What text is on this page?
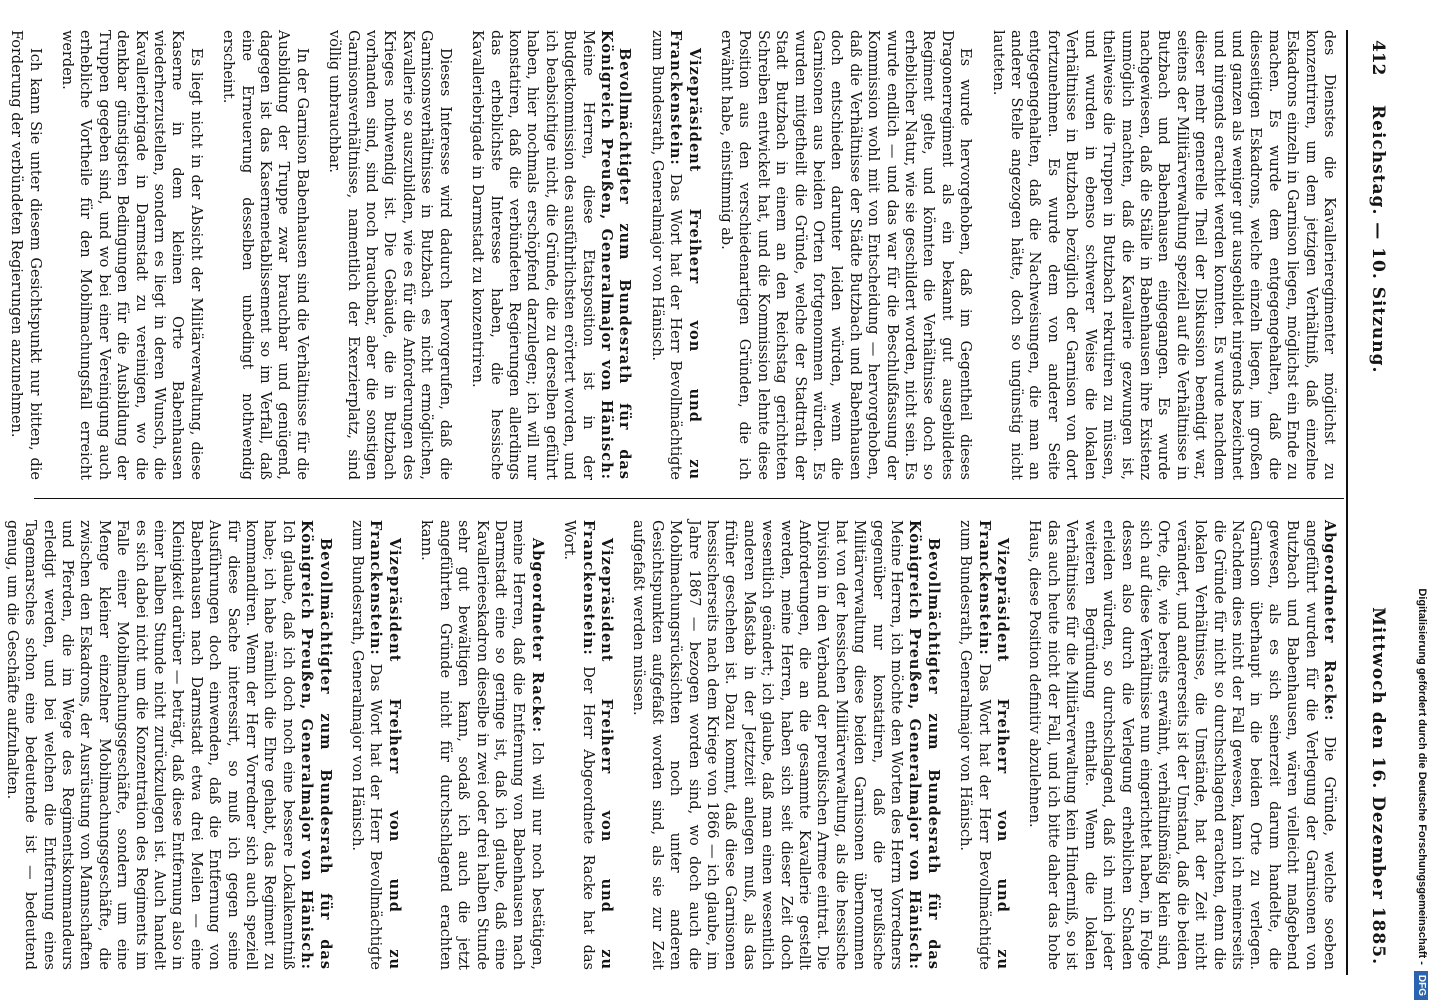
412
Reichstag. — 10. Sitzung.
Mittwoch den 16. Dezember 1885.

des Dienstes die Kavallerieregimenter möglichst zu konzentriren, um dem jetzigen Verhältniß, daß einzelne Eskadrons einzeln in Garnison liegen, möglichst ein Ende zu machen. Es wurde dem entgegengehalten, daß die diesseitigen Eskadrons, welche einzeln liegen, im großen und ganzen als weniger gut ausgebildet nirgends bezeichnet und nirgends erachtet werden konnten. Es wurde nachdem dieser mehr generelle Theil der Diskussion beendigt war, seitens der Militärverwaltung speziell auf die Verhältnisse in Butzbach und Babenhausen eingegangen. Es wurde nachgewiesen, daß die Ställe in Babenhausen ihre Existenz unmöglich machten, daß die Kavallerie gezwungen ist, theilweise die Truppen in Butzbach rekrutiren zu müssen, und wurden in ebenso schwerer Weise die lokalen Verhältnisse in Butzbach bezüglich der Garnison von dort fortzunehmen. Es wurde dem von anderer Seite entgegengehalten, daß die Nachweisungen, die man an anderer Stelle angezogen hätte, doch so ungünstig nicht lauteten.

Es wurde hervorgehoben, daß im Gegentheil dieses Dragonerregiment als ein bekannt gut ausgebildetes Regiment gelte, und könnten die Verhältnisse doch so erheblicher Natur, wie sie geschildert worden, nicht sein. Es wurde endlich — und das war für die Beschlußfassung der Kommission wohl mit von Entscheidung — hervorgehoben, daß die Verhältnisse der Städte Butzbach und Babenhausen doch entschieden darunter leiden würden, wenn die Garnisonen aus beiden Orten fortgenommen würden. Es wurden mitgetheilt die Gründe, welche der Stadtrath der Stadt Butzbach in einem an den Reichstag gerichteten Schreiben entwickelt hat, und die Kommission lehnte diese Position aus den verschiedenartigen Gründen, die ich erwähnt habe, einstimmig ab.

Vizepräsident Freiherr von und zu Franckenstein: Das Wort hat der Herr Bevollmächtigte zum Bundesrath, Generalmajor von Hänisch.

Bevollmächtigter zum Bundesrath für das Königreich Preußen, Generalmajor von Hänisch: Meine Herren, diese Etatsposition ist in der Budgetkommission des ausführlichsten erörtert worden, und ich beabsichtige nicht, die Gründe, die zu derselben geführt haben, hier nochmals erschöpfend darzulegen; ich will nur konstatiren, daß die verbündeten Regierungen allerdings das erheblichste Interesse haben, die hessische Kavalleriebrigade in Darmstadt zu konzentriren.

Dieses Interesse wird dadurch hervorgerufen, daß die Garnisonsverhältnisse in Butzbach es nicht ermöglichen, Kavallerie so auszubilden, wie es für die Anforderungen des Krieges nothwendig ist. Die Gebäude, die in Butzbach vorhanden sind, sind noch brauchbar, aber die sonstigen Garnisonsverhältnisse, namentlich der Exerzierplatz, sind völlig unbrauchbar.

In der Garnison Babenhausen sind die Verhältnisse für die Ausbildung der Truppe zwar brauchbar und genügend, dagegen ist das Kasernenetablissement so im Verfall, daß eine Erneuerung desselben unbedingt nothwendig erscheint.

Es liegt nicht in der Absicht der Militärverwaltung, diese Kaserne in dem kleinen Orte Babenhausen wiederherzustellen, sondern es liegt in deren Wunsch, die Kavalleriebrigade in Darmstadt zu vereinigen, wo die denkbar günstigsten Bedingungen für die Ausbildung der Truppen gegeben sind, und wo bei einer Vereinigung auch erhebliche Vortheile für den Mobilmachungsfall erreicht werden.

Ich kann Sie unter diesem Gesichtspunkt nur bitten, die Forderung der verbündeten Regierungen anzunehmen.

Abgeordneter Racke: Die Gründe, welche soeben angeführt wurden für die Verlegung der Garnisonen von Butzbach und Babenhausen, wären vielleicht maßgebend gewesen, als es sich seinerzeit darum handelte, die Garnison überhaupt in die beiden Orte zu verlegen. Nachdem dies nicht der Fall gewesen, kann ich meinerseits die Gründe für nicht so durchschlagend erachten, denn die lokalen Verhältnisse, die Umstände, hat der Zeit nicht verändert, und andererseits ist der Umstand, daß die beiden Orte, die, wie bereits erwähnt, verhältnißmäßig klein sind, sich auf diese Verhältnisse nun eingerichtet haben, in Folge dessen also durch die Verlegung erheblichen Schaden erleiden würden, so durchschlagend, daß ich mich jeder weiteren Begründung enthalte. Wenn die lokalen Verhältnisse für die Militärverwaltung kein Hinderniß, so ist das auch heute nicht der Fall, und ich bitte daher das hohe Haus, diese Position definitiv abzulehnen.

Vizepräsident Freiherr von und zu Franckenstein: Das Wort hat der Herr Bevollmächtigte zum Bundesrath, Generalmajor von Hänisch.

Bevollmächtigter zum Bundesrath für das Königreich Preußen, Generalmajor von Hänisch: Meine Herren, ich möchte den Worten des Herrn Vorredners gegenüber nur konstatiren, daß die preußische Militärverwaltung diese beiden Garnisonen übernommen hat von der hessischen Militärverwaltung, als die hessische Division in den Verband der preußischen Armee eintrat. Die Anforderungen, die an die gesammte Kavallerie gestellt werden, meine Herren, haben sich seit dieser Zeit doch wesentlich geändert; ich glaube, daß man einen wesentlich anderen Maßstab in der Jetztzeit anlegen muß, als das früher geschehen ist. Dazu kommt, daß diese Garnisonen hessischerseits nach dem Kriege von 1866 — ich glaube, im Jahre 1867 — bezogen worden sind, wo doch auch die Mobilmachungsrücksichten noch unter anderen Gesichtspunkten aufgefaßt worden sind, als sie zur Zeit aufgefaßt werden müssen.

Vizepräsident Freiherr von und zu Franckenstein: Der Herr Abgeordnete Racke hat das Wort.

Abgeordneter Racke: Ich will nur noch bestätigen, meine Herren, daß die Entfernung von Babenhausen nach Darmstadt eine so geringe ist, daß ich glaube, daß eine Kavallerieeskadron dieselbe in zwei oder drei halben Stunde sehr gut bewältigen kann, sodaß ich auch die jetzt angeführten Gründe nicht für durchschlagend erachten kann.

Vizepräsident Freiherr von und zu Franckenstein: Das Wort hat der Herr Bevollmächtigte zum Bundesrath, Generalmajor von Hänisch.

Bevollmächtigter zum Bundesrath für das Königreich Preußen, Generalmajor von Hänisch: Ich glaube, daß ich doch noch eine bessere Lokalkenntniß habe; ich habe nämlich die Ehre gehabt, das Regiment zu kommandiren. Wenn der Herr Vorredner sich auch speziell für diese Sache interessirt, so muß ich gegen seine Ausführungen doch einwenden, daß die Entfernung von Babenhausen nach Darmstadt etwa drei Meilen — eine Kleinigkeit darüber — beträgt, daß diese Entfernung also in einer halben Stunde nicht zurückzulegen ist. Auch handelt es sich dabei nicht um die Konzentration des Regiments im Falle einer Mobilmachungsgeschäfte, sondern um eine Menge kleiner einzelner Mobilmachungsgeschäfte, die zwischen den Eskadrons, der Ausrüstung von Mannschaften und Pferden, die im Wege des Regimentskommandeurs erledigt werden, und bei welchen die Entfernung eines Tagemarsches schon eine bedeutende ist — bedeutend genug, um die Geschäfte aufzuhalten.	Digitalisierung gefördert durch die Deutsche Forschungsgemeinschaft -DFG
